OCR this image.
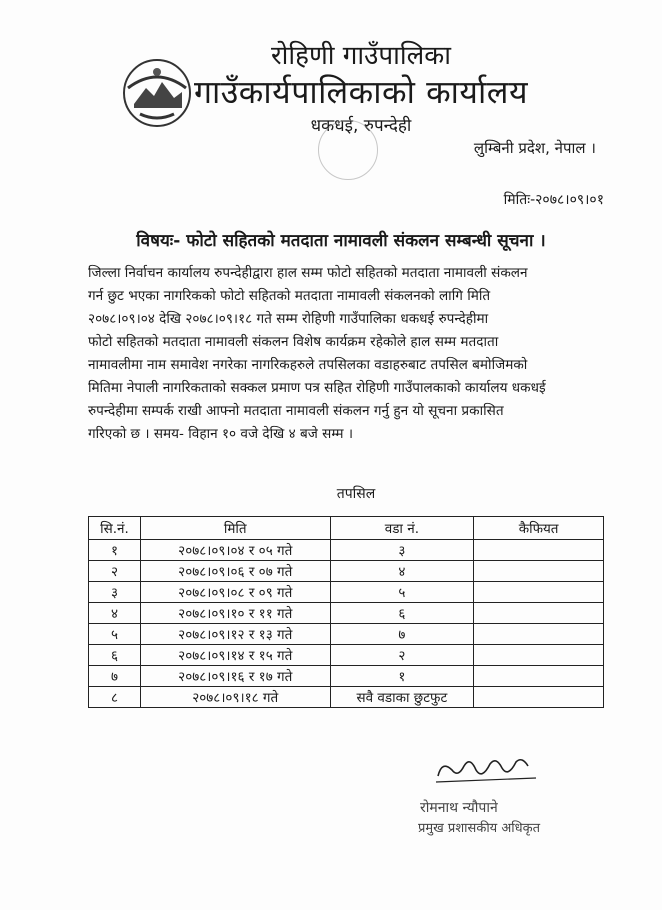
रोहिणी गाउँपालिका
गाउँकार्यपालिकाको कार्यालय
धकधई, रुपन्देही
लुम्बिनी प्रदेश, नेपाल ।
मितिः-२०७८।०९।०१
विषयः- फोटो सहितको मतदाता नामावली संकलन सम्बन्धी सूचना ।
जिल्ला निर्वाचन कार्यालय रुपन्देहीद्वारा हाल सम्म फोटो सहितको मतदाता नामावली संकलन
गर्न छुट भएका नागरिकको फोटो सहितको मतदाता नामावली संकलनको लागि मिति
२०७८।०९।०४ देखि २०७८।०९।१८ गते सम्म रोहिणी गाउँपालिका धकधई रुपन्देहीमा
फोटो सहितको मतदाता नामावली संकलन विशेष कार्यक्रम रहेकोले हाल सम्म मतदाता
नामावलीमा नाम समावेश नगरेका नागरिकहरुले तपसिलका वडाहरुबाट तपसिल बमोजिमको
मितिमा नेपाली नागरिकताको सक्कल प्रमाण पत्र सहित रोहिणी गाउँपालकाको कार्यालय धकधई
रुपन्देहीमा सम्पर्क राखी आफ्नो मतदाता नामावली संकलन गर्नु हुन यो सूचना प्रकासित
गरिएको छ । समय- विहान १० वजे देखि ४ बजे सम्म ।
तपसिल
सि.नं.	मिति	वडा नं.	कैफियत
१	२०७८।०९।०४ र ०५ गते	३	
२	२०७८।०९।०६ र ०७ गते	४	
३	२०७८।०९।०८ र ०९ गते	५	
४	२०७८।०९।१० र ११ गते	६	
५	२०७८।०९।१२ र १३ गते	७	
६	२०७८।०९।१४ र १५ गते	२	
७	२०७८।०९।१६ र १७ गते	१	
८	२०७८।०९।१८ गते	सवै वडाका छुटफुट	
रोमनाथ न्यौपाने
प्रमुख प्रशासकीय अधिकृत
